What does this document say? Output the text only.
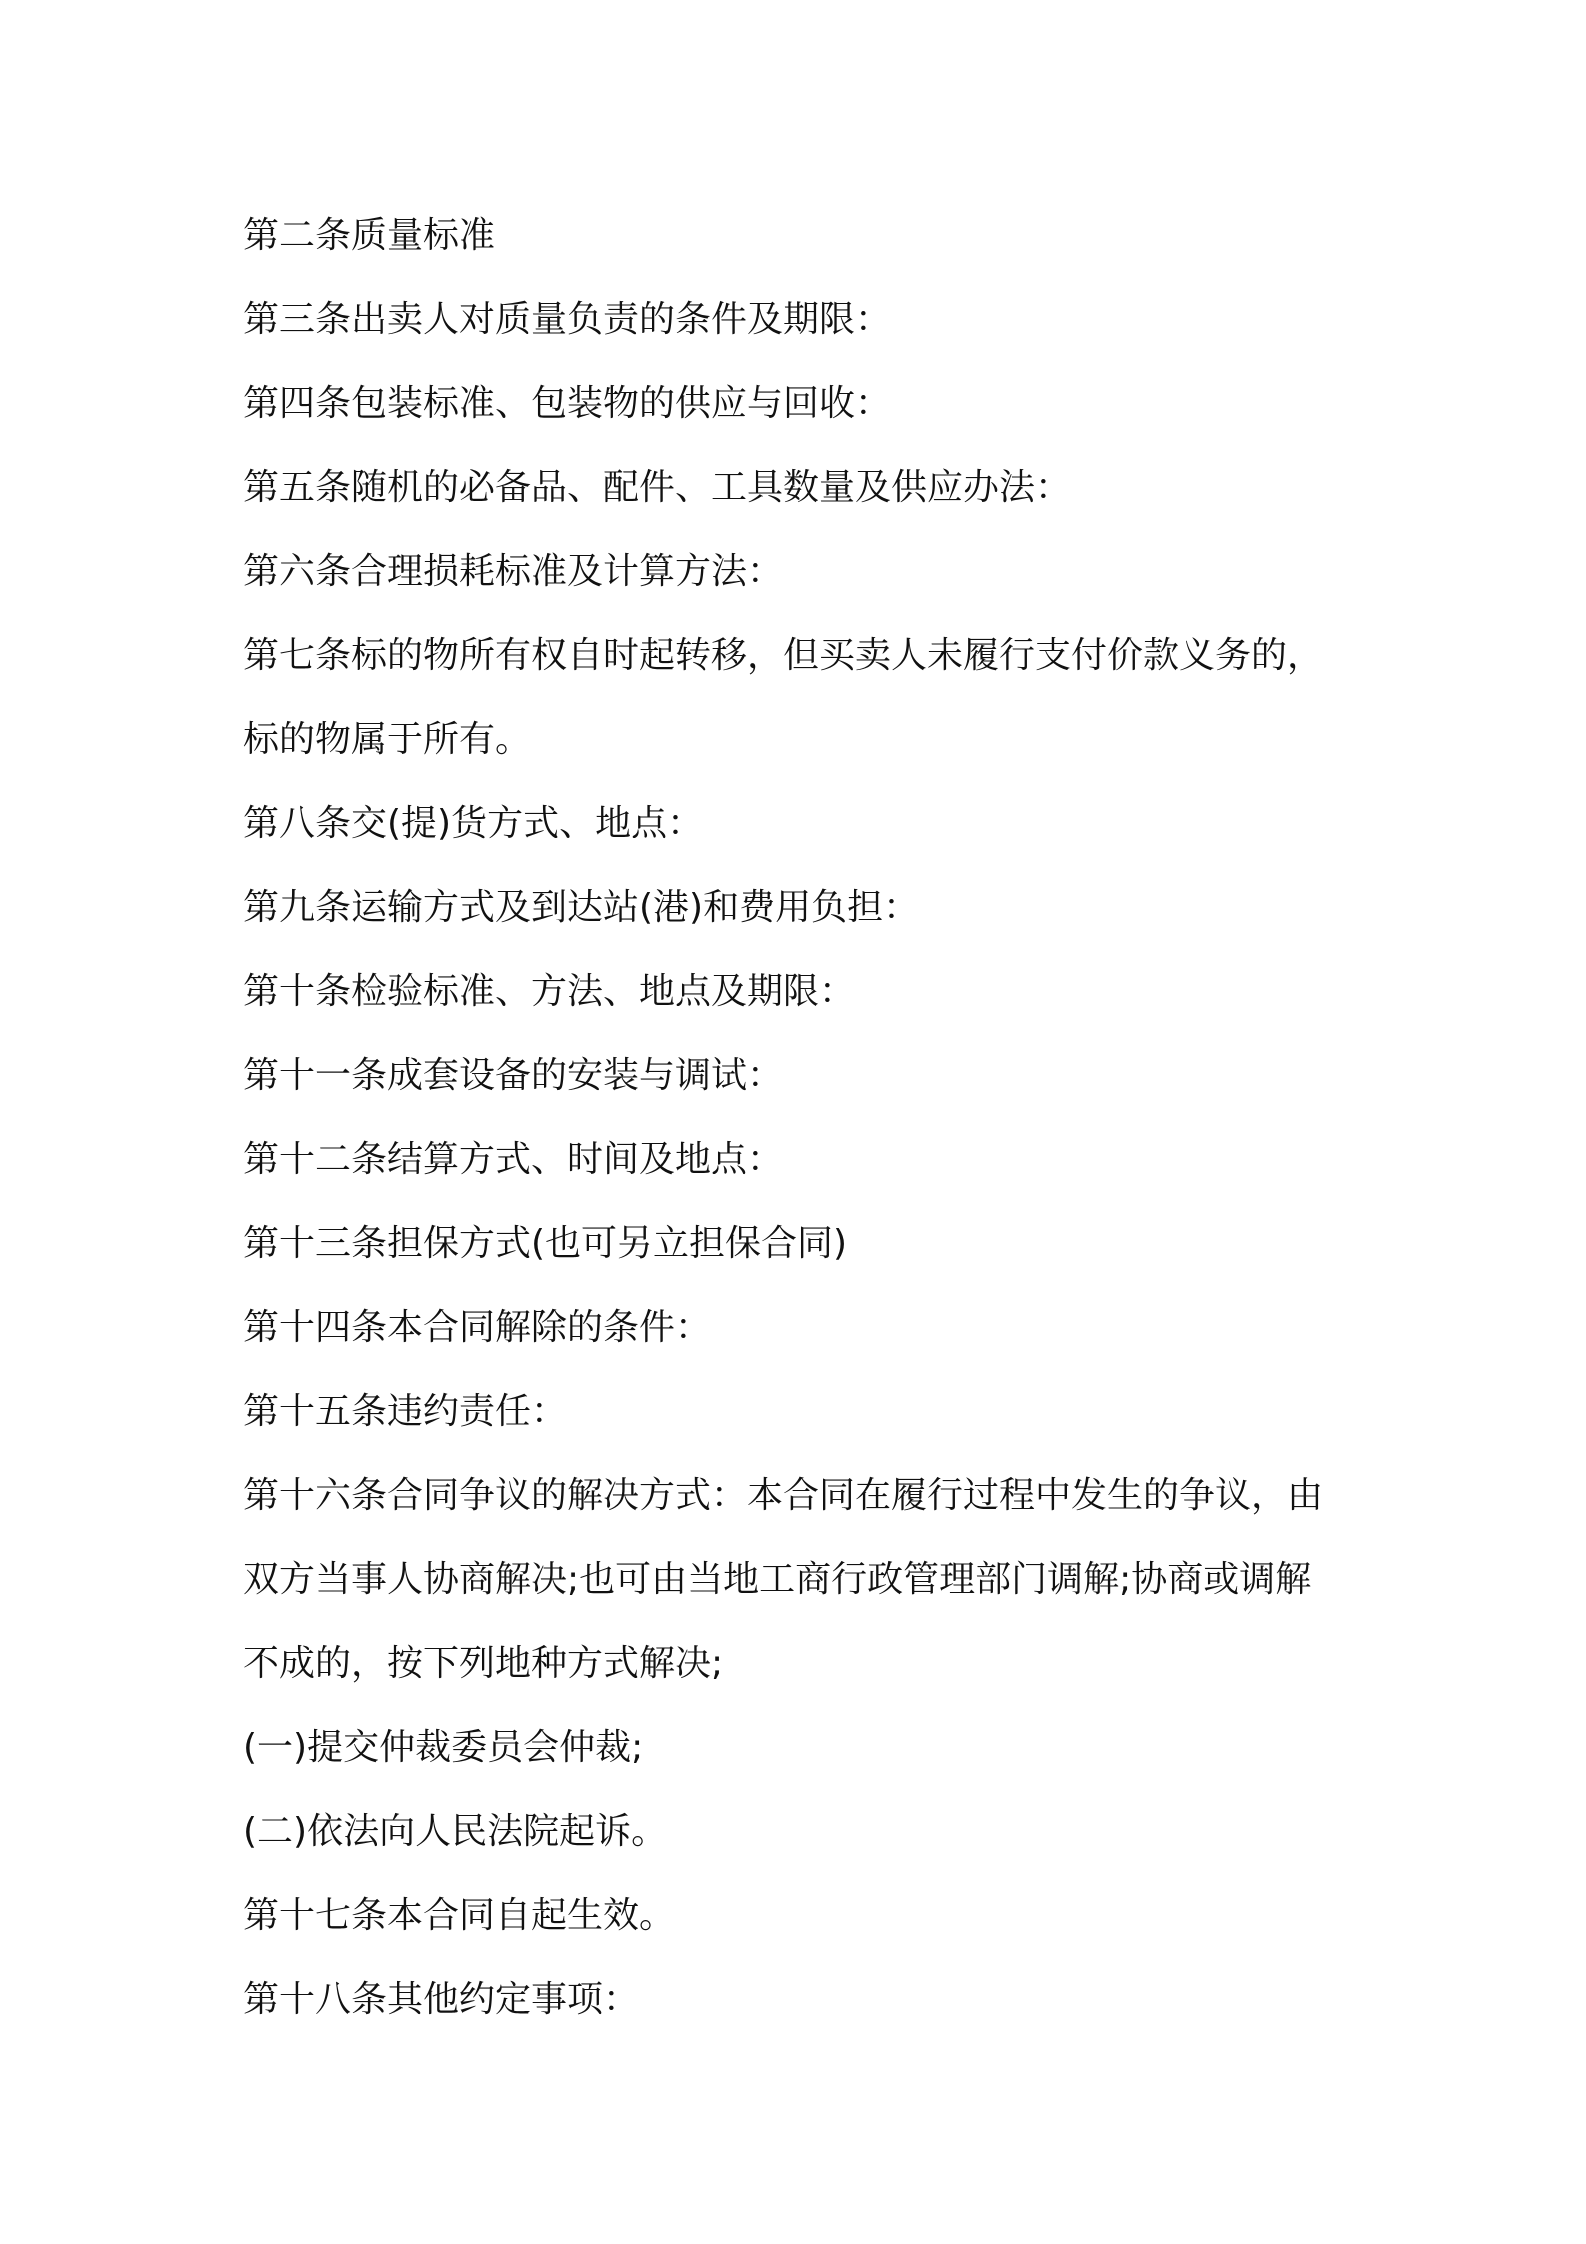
第二条质量标准
第三条出卖人对质量负责的条件及期限：
第四条包装标准、包装物的供应与回收：
第五条随机的必备品、配件、工具数量及供应办法：
第六条合理损耗标准及计算方法：
第七条标的物所有权自时起转移，但买卖人未履行支付价款义务的，
标的物属于所有。
第八条交(提)货方式、地点：
第九条运输方式及到达站(港)和费用负担：
第十条检验标准、方法、地点及期限：
第十一条成套设备的安装与调试：
第十二条结算方式、时间及地点：
第十三条担保方式(也可另立担保合同)
第十四条本合同解除的条件：
第十五条违约责任：
第十六条合同争议的解决方式：本合同在履行过程中发生的争议，由
双方当事人协商解决;也可由当地工商行政管理部门调解;协商或调解
不成的，按下列地种方式解决;
(一)提交仲裁委员会仲裁;
(二)依法向人民法院起诉。
第十七条本合同自起生效。
第十八条其他约定事项：
